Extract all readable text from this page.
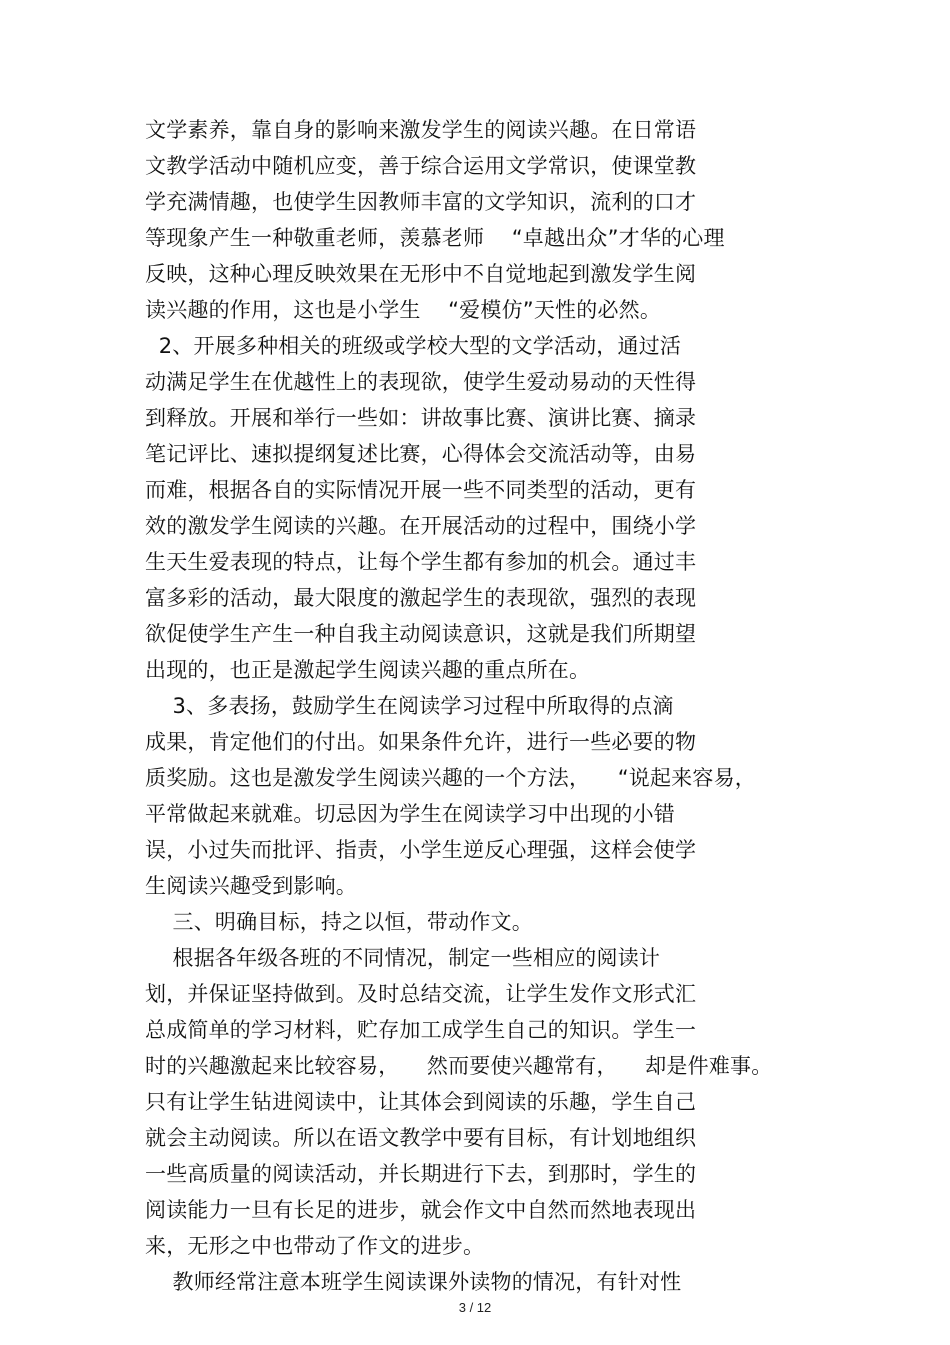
文学素养，靠自身的影响来激发学生的阅读兴趣。在日常语
文教学活动中随机应变，善于综合运用文学常识，使课堂教
学充满情趣，也使学生因教师丰富的文学知识，流利的口才
等现象产生一种敬重老师，羡慕老师    “卓越出众”才华的心理
反映，这种心理反映效果在无形中不自觉地起到激发学生阅
读兴趣的作用，这也是小学生    “爱模仿”天性的必然。
2、开展多种相关的班级或学校大型的文学活动，通过活
动满足学生在优越性上的表现欲，使学生爱动易动的天性得
到释放。开展和举行一些如：讲故事比赛、演讲比赛、摘录
笔记评比、速拟提纲复述比赛，心得体会交流活动等，由易
而难，根据各自的实际情况开展一些不同类型的活动，更有
效的激发学生阅读的兴趣。在开展活动的过程中，围绕小学
生天生爱表现的特点，让每个学生都有参加的机会。通过丰
富多彩的活动，最大限度的激起学生的表现欲，强烈的表现
欲促使学生产生一种自我主动阅读意识，这就是我们所期望
出现的，也正是激起学生阅读兴趣的重点所在。
3、多表扬，鼓励学生在阅读学习过程中所取得的点滴
成果，肯定他们的付出。如果条件允许，进行一些必要的物
质奖励。这也是激发学生阅读兴趣的一个方法，    “说起来容易，
平常做起来就难。切忌因为学生在阅读学习中出现的小错
误，小过失而批评、指责，小学生逆反心理强，这样会使学
生阅读兴趣受到影响。
三、明确目标，持之以恒，带动作文。
根据各年级各班的不同情况，制定一些相应的阅读计
划，并保证坚持做到。及时总结交流，让学生发作文形式汇
总成简单的学习材料，贮存加工成学生自己的知识。学生一
时的兴趣激起来比较容易，    然而要使兴趣常有，    却是件难事。
只有让学生钻进阅读中，让其体会到阅读的乐趣，学生自己
就会主动阅读。所以在语文教学中要有目标，有计划地组织
一些高质量的阅读活动，并长期进行下去，到那时，学生的
阅读能力一旦有长足的进步，就会作文中自然而然地表现出
来，无形之中也带动了作文的进步。
教师经常注意本班学生阅读课外读物的情况，有针对性
3 / 12
